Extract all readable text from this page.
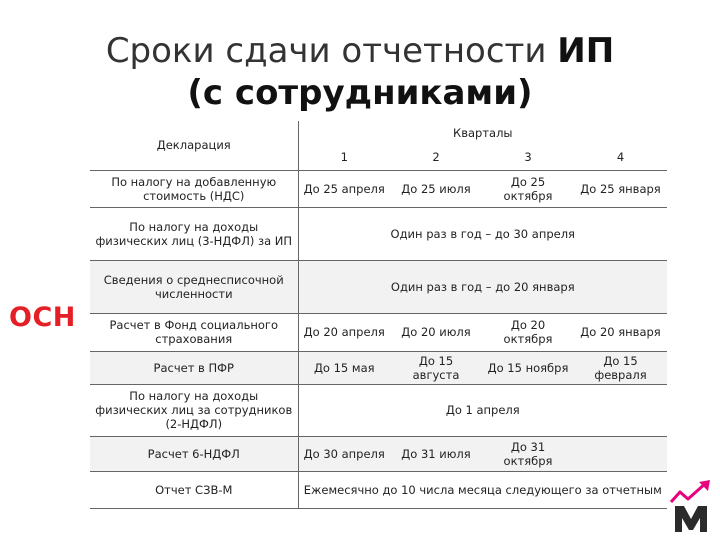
Сроки сдачи отчетности ИП
(с сотрудниками)
ОСН
Декларация	Кварталы			
	1	2	3	4
По налогу на добавленную стоимость (НДС)	До 25 апреля	До 25 июля	До 25 октября	До 25 января
По налогу на доходы физических лиц (3-НДФЛ) за ИП	Один раз в год – до 30 апреля			
Сведения о среднесписочной численности	Один раз в год – до 20 января			
Расчет в Фонд социального страхования	До 20 апреля	До 20 июля	До 20 октября	До 20 января
Расчет в ПФР	До 15 мая	До 15 августа	До 15 ноября	До 15 февраля
По налогу на доходы физических лиц за сотрудников (2-НДФЛ)	До 1 апреля			
Расчет 6-НДФЛ	До 30 апреля	До 31 июля	До 31 октября	
Отчет СЗВ-М	Ежемесячно до 10 числа месяца следующего за отчетным			
